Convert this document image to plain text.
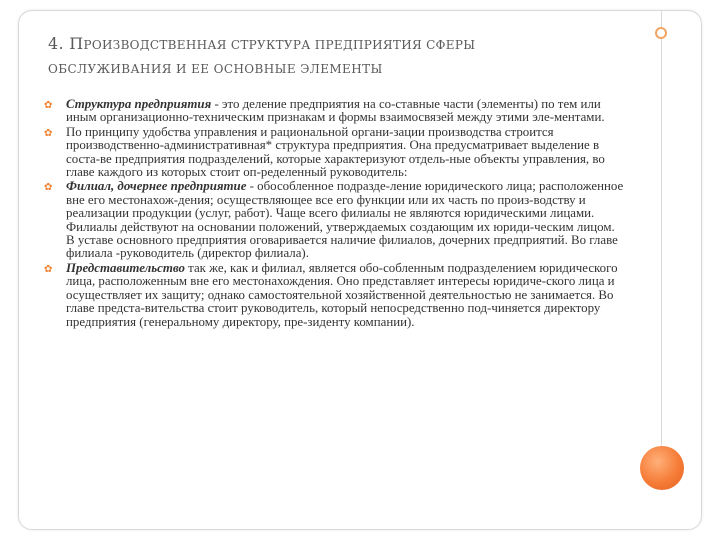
4. ПРОИЗВОДСТВЕННАЯ СТРУКТУРА ПРЕДПРИЯТИЯ СФЕРЫ
ОБСЛУЖИВАНИЯ И ЕЕ ОСНОВНЫЕ ЭЛЕМЕНТЫ
✿	Структура предприятия - это деление предприятия на со-ставные части (элементы) по тем или иным организационно-техническим признакам и формы взаимосвязей между этими эле-ментами.
✿	По принципу удобства управления и рациональной органи-зации производства строится производственно-административная* структура предприятия. Она предусматривает выделение в соста-ве предприятия подразделений, которые характеризуют отдель-ные объекты управления, во главе каждого из которых стоит оп-ределенный руководитель:
✿	Филиал, дочернее предприятие - обособленное подразде-ление юридического лица; расположенное вне его местонахож-дения; осуществляющее все его функции или их часть по произ-водству и реализации продукции (услуг, работ). Чаще всего филиалы не являются юридическими лицами. Филиалы действуют на основании положений, утверждаемых создающим их юриди-ческим лицом. В уставе основного предприятия оговаривается наличие филиалов, дочерних предприятий. Во главе филиала -руководитель (директор филиала).
✿	Представительство так же, как и филиал, является обо-собленным подразделением юридического лица, расположенным вне его местонахождения. Оно представляет интересы юридиче-ского лица и осуществляет их защиту; однако самостоятельной хозяйственной деятельностью не занимается. Во главе предста-вительства стоит руководитель, который непосредственно под-чиняется директору предприятия (генеральному директору, пре-зиденту компании).
